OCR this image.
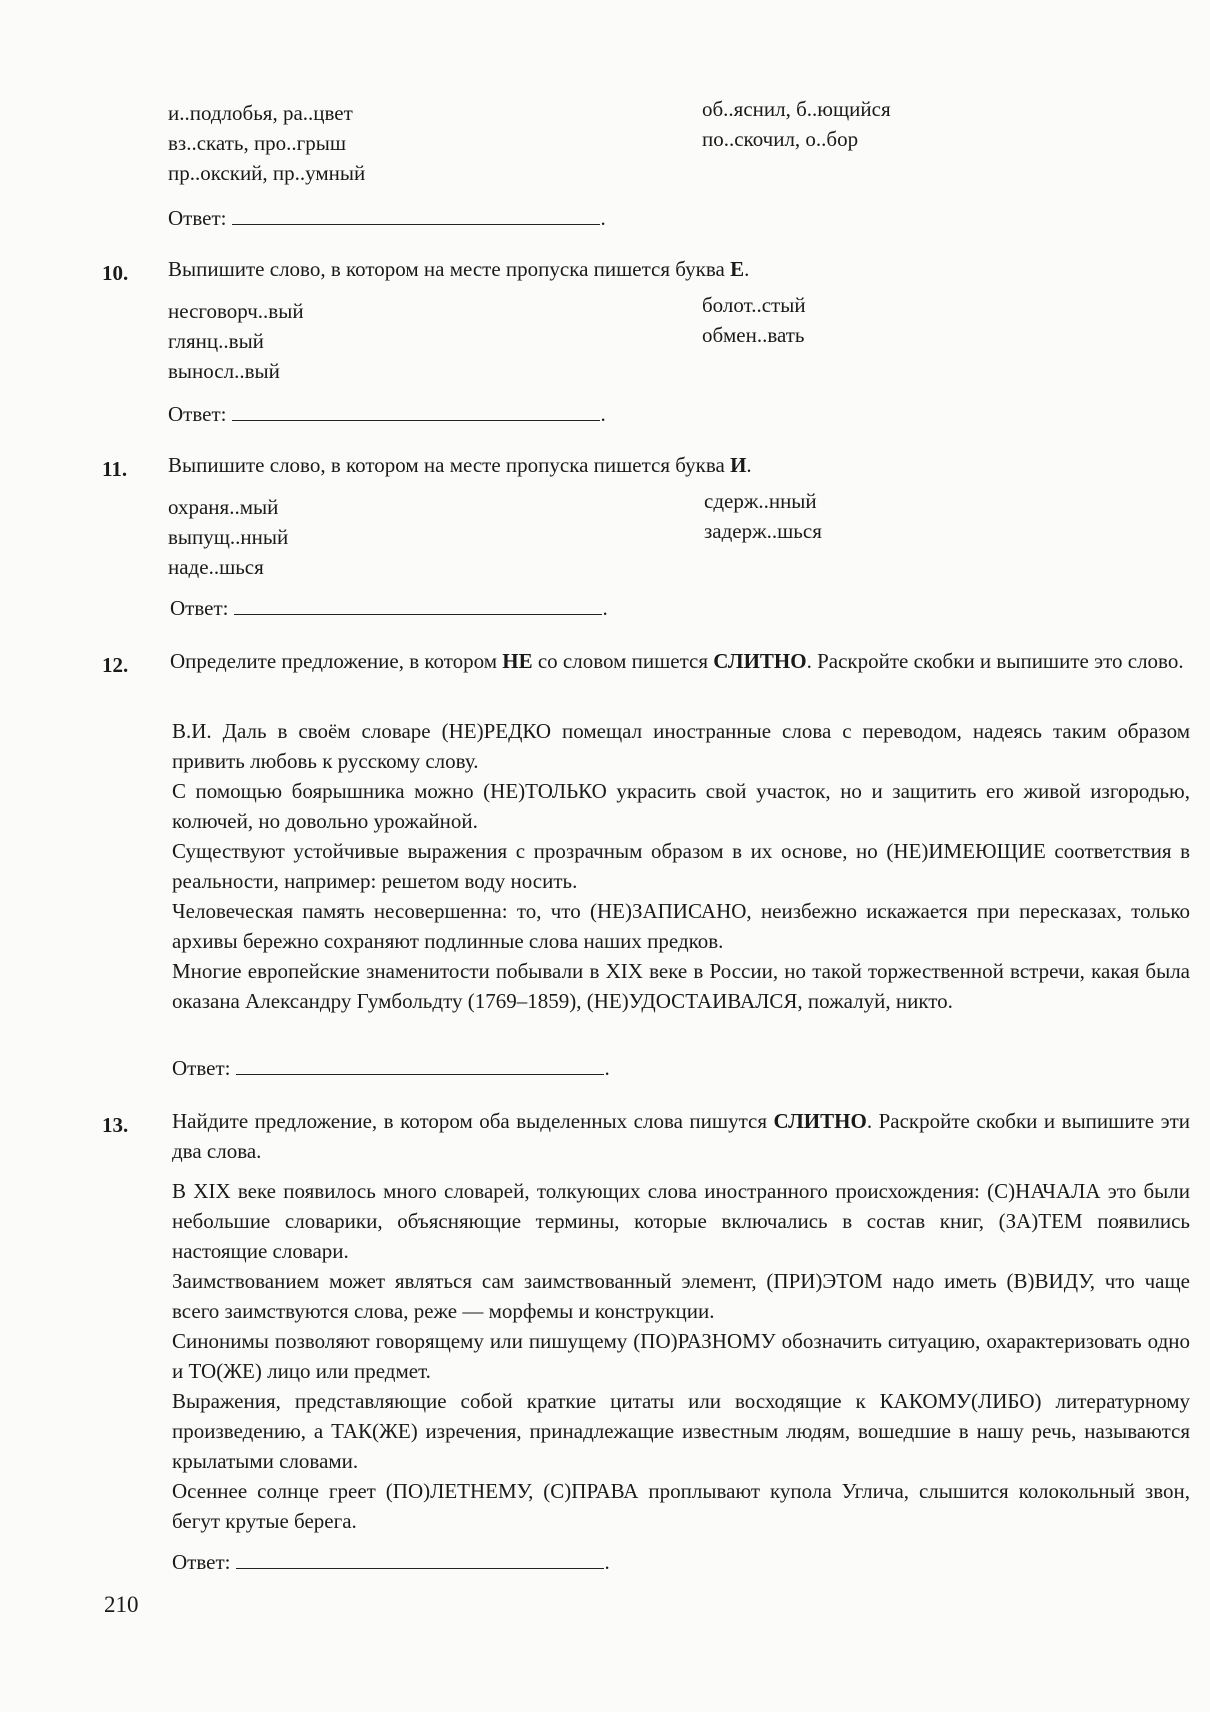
и..подлобья, ра..цвет
вз..скать, про..грыш
пр..окский, пр..умный
об..яснил, б..ющийся
по..скочил, о..бор
Ответ:	.
10. Выпишите слово, в котором на месте пропуска пишется буква Е.
несговорч..вый
глянц..вый
выносл..вый
болот..стый
обмен..вать
Ответ:	.
11. Выпишите слово, в котором на месте пропуска пишется буква И.
охраня..мый
выпущ..нный
наде..шься
сдерж..нный
задерж..шься
Ответ:	.
12. Определите предложение, в котором НЕ со словом пишется СЛИТНО. Раскройте скобки и выпишите это слово.

В.И. Даль в своём словаре (НЕ)РЕДКО помещал иностранные слова с переводом, надеясь таким образом привить любовь к русскому слову.

С помощью боярышника можно (НЕ)ТОЛЬКО украсить свой участок, но и защитить его живой изгородью, колючей, но довольно урожайной.

Существуют устойчивые выражения с прозрачным образом в их основе, но (НЕ)ИМЕЮЩИЕ соответствия в реальности, например: решетом воду носить.

Человеческая память несовершенна: то, что (НЕ)ЗАПИСАНО, неизбежно искажается при пересказах, только архивы бережно сохраняют подлинные слова наших предков.

Многие европейские знаменитости побывали в XIX веке в России, но такой торжественной встречи, какая была оказана Александру Гумбольдту (1769–1859), (НЕ)УДОСТАИВАЛСЯ, пожалуй, никто.

Ответ:	.
13. Найдите предложение, в котором оба выделенных слова пишутся СЛИТНО. Раскройте скобки и выпишите эти два слова.

В XIX веке появилось много словарей, толкующих слова иностранного происхождения: (С)НАЧАЛА это были небольшие словарики, объясняющие термины, которые включались в состав книг, (ЗА)ТЕМ появились настоящие словари.

Заимствованием может являться сам заимствованный элемент, (ПРИ)ЭТОМ надо иметь (В)ВИДУ, что чаще всего заимствуются слова, реже — морфемы и конструкции.

Синонимы позволяют говорящему или пишущему (ПО)РАЗНОМУ обозначить ситуацию, охарактеризовать одно и ТО(ЖЕ) лицо или предмет.

Выражения, представляющие собой краткие цитаты или восходящие к КАКОМУ(ЛИБО) литературному произведению, а ТАК(ЖЕ) изречения, принадлежащие известным людям, вошедшие в нашу речь, называются крылатыми словами.

Осеннее солнце греет (ПО)ЛЕТНЕМУ, (С)ПРАВА проплывают купола Углича, слышится колокольный звон, бегут крутые берега.

Ответ:	.
210
